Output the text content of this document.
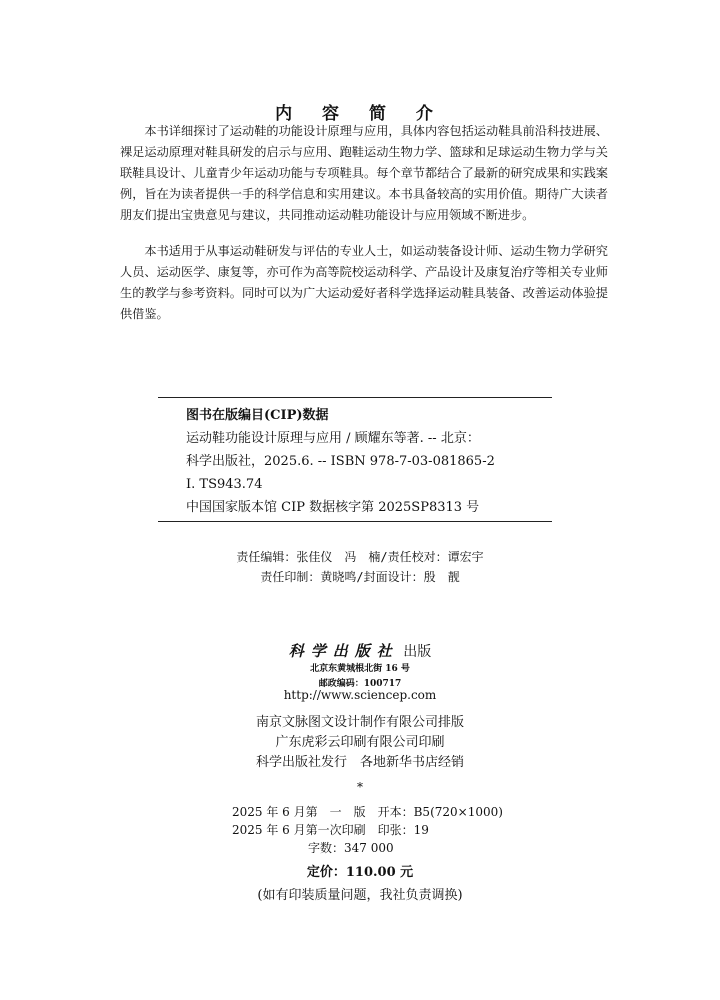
内 容 简 介

本书详细探讨了运动鞋的功能设计原理与应用，具体内容包括运动鞋具前沿科技进展、裸足运动原理对鞋具研发的启示与应用、跑鞋运动生物力学、篮球和足球运动生物力学与关联鞋具设计、儿童青少年运动功能与专项鞋具。每个章节都结合了最新的研究成果和实践案例，旨在为读者提供一手的科学信息和实用建议。本书具备较高的实用价值。期待广大读者朋友们提出宝贵意见与建议，共同推动运动鞋功能设计与应用领域不断进步。

本书适用于从事运动鞋研发与评估的专业人士，如运动装备设计师、运动生物力学研究人员、运动医学、康复等，亦可作为高等院校运动科学、产品设计及康复治疗等相关专业师生的教学与参考资料。同时可以为广大运动爱好者科学选择运动鞋具装备、改善运动体验提供借鉴。

图书在版编目(CIP)数据
运动鞋功能设计原理与应用 / 顾耀东等著. -- 北京：
科学出版社，2025.6. -- ISBN 978-7-03-081865-2
Ⅰ. TS943.74
中国国家版本馆 CIP 数据核字第 2025SP8313 号
责任编辑：张佳仪　冯　楠/责任校对：谭宏宇
责任印制：黄晓鸣/封面设计：殷　靓
科学出版社 出版
北京东黄城根北街 16 号
邮政编码：100717
http://www.sciencep.com
南京文脉图文设计制作有限公司排版
广东虎彩云印刷有限公司印刷
科学出版社发行　各地新华书店经销
*
2025 年 6 月第　一　版　开本：B5(720×1000)
2025 年 6 月第一次印刷　印张：19
字数：347 000
定价：110.00 元
(如有印装质量问题，我社负责调换)
